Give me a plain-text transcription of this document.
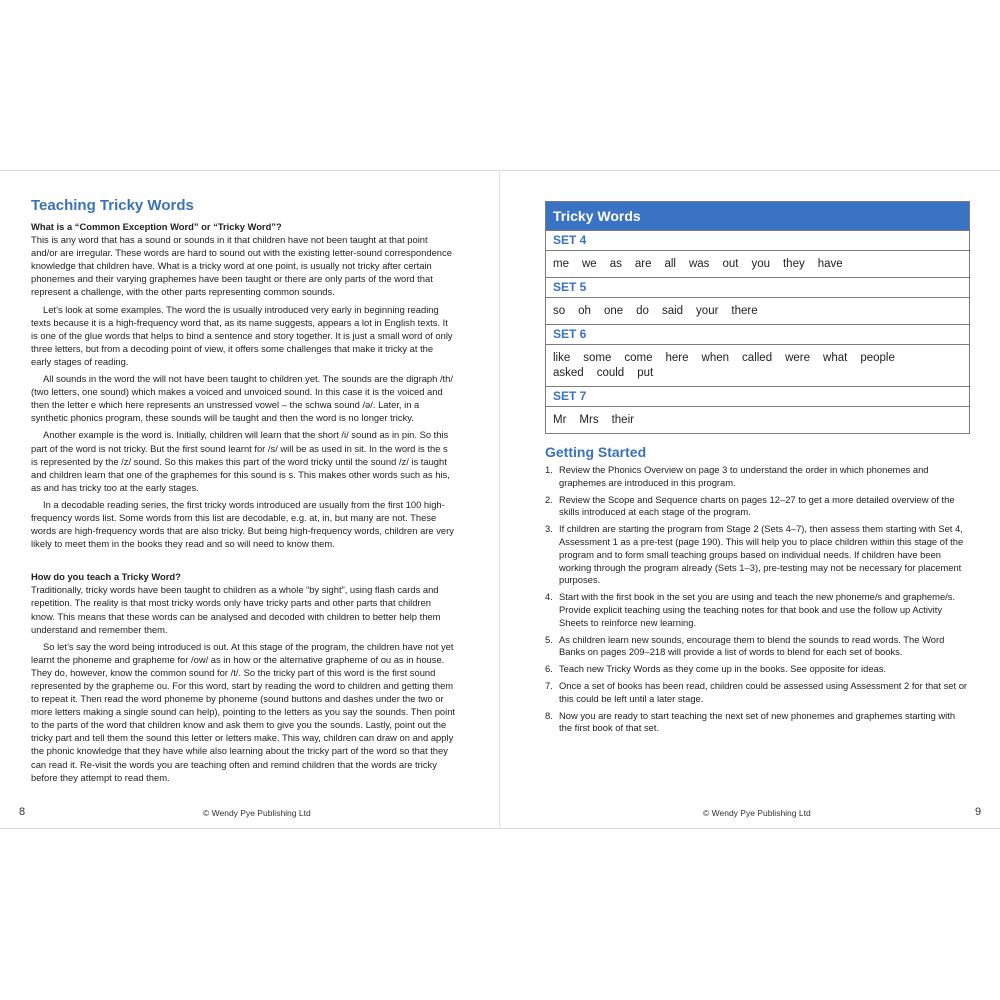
Teaching Tricky Words
What is a “Common Exception Word” or “Tricky Word”?

This is any word that has a sound or sounds in it that children have not been taught at that point and/or are irregular. These words are hard to sound out with the existing letter-sound correspondence knowledge that children have. What is a tricky word at one point, is usually not tricky after certain phonemes and their varying graphemes have been taught or there are only parts of the word that represent a challenge, with the other parts representing common sounds.

Let’s look at some examples. The word the is usually introduced very early in beginning reading texts because it is a high-frequency word that, as its name suggests, appears a lot in English texts. It is one of the glue words that helps to bind a sentence and story together. It is just a small word of only three letters, but from a decoding point of view, it offers some challenges that make it tricky at the early stages of reading.

All sounds in the word the will not have been taught to children yet. The sounds are the digraph /th/ (two letters, one sound) which makes a voiced and unvoiced sound. In this case it is the voiced and then the letter e which here represents an unstressed vowel – the schwa sound /ə/. Later, in a synthetic phonics program, these sounds will be taught and then the word is no longer tricky.

Another example is the word is. Initially, children will learn that the short /i/ sound as in pin. So this part of the word is not tricky. But the first sound learnt for /s/ will be as used in sit. In the word is the s is represented by the /z/ sound. So this makes this part of the word tricky until the sound /z/ is taught and children learn that one of the graphemes for this sound is s. This makes other words such as his, as and has tricky too at the early stages.

In a decodable reading series, the first tricky words introduced are usually from the first 100 high-frequency words list. Some words from this list are decodable, e.g. at, in, but many are not. These words are high-frequency words that are also tricky. But being high-frequency words, children are very likely to meet them in the books they read and so will need to know them.

How do you teach a Tricky Word?

Traditionally, tricky words have been taught to children as a whole “by sight”, using flash cards and repetition. The reality is that most tricky words only have tricky parts and other parts that children know. This means that these words can be analysed and decoded with children to better help them understand and remember them.

So let’s say the word being introduced is out. At this stage of the program, the children have not yet learnt the phoneme and grapheme for /ow/ as in how or the alternative grapheme of ou as in house. They do, however, know the common sound for /t/. So the tricky part of this word is the first sound represented by the grapheme ou. For this word, start by reading the word to children and getting them to repeat it. Then read the word phoneme by phoneme (sound buttons and dashes under the two or more letters making a single sound can help), pointing to the letters as you say the sounds. Then point to the parts of the word that children know and ask them to give you the sounds. Lastly, point out the tricky part and tell them the sound this letter or letters make. This way, children can draw on and apply the phonic knowledge that they have while also learning about the tricky part of the word so that they can read it. Re-visit the words you are teaching often and remind children that the words are tricky before they attempt to read them.

8	© Wendy Pye Publishing Ltd
Tricky Words
SET 4
me we as are all was out you they have
SET 5
so oh one do said your there
SET 6
like some come here when called were what people
asked could put
SET 7
Mr Mrs their
Getting Started
1. Review the Phonics Overview on page 3 to understand the order in which phonemes and graphemes are introduced in this program.
2. Review the Scope and Sequence charts on pages 12–27 to get a more detailed overview of the skills introduced at each stage of the program.
3. If children are starting the program from Stage 2 (Sets 4–7), then assess them starting with Set 4, Assessment 1 as a pre-test (page 190). This will help you to place children within this stage of the program and to form small teaching groups based on individual needs. If children have been working through the program already (Sets 1–3), pre-testing may not be necessary for placement purposes.
4. Start with the first book in the set you are using and teach the new phoneme/s and grapheme/s. Provide explicit teaching using the teaching notes for that book and use the follow up Activity Sheets to reinforce new learning.
5. As children learn new sounds, encourage them to blend the sounds to read words. The Word Banks on pages 209–218 will provide a list of words to blend for each set of books.
6. Teach new Tricky Words as they come up in the books. See opposite for ideas.
7. Once a set of books has been read, children could be assessed using Assessment 2 for that set or this could be left until a later stage.
8. Now you are ready to start teaching the next set of new phonemes and graphemes starting with the first book of that set.
© Wendy Pye Publishing Ltd	9
